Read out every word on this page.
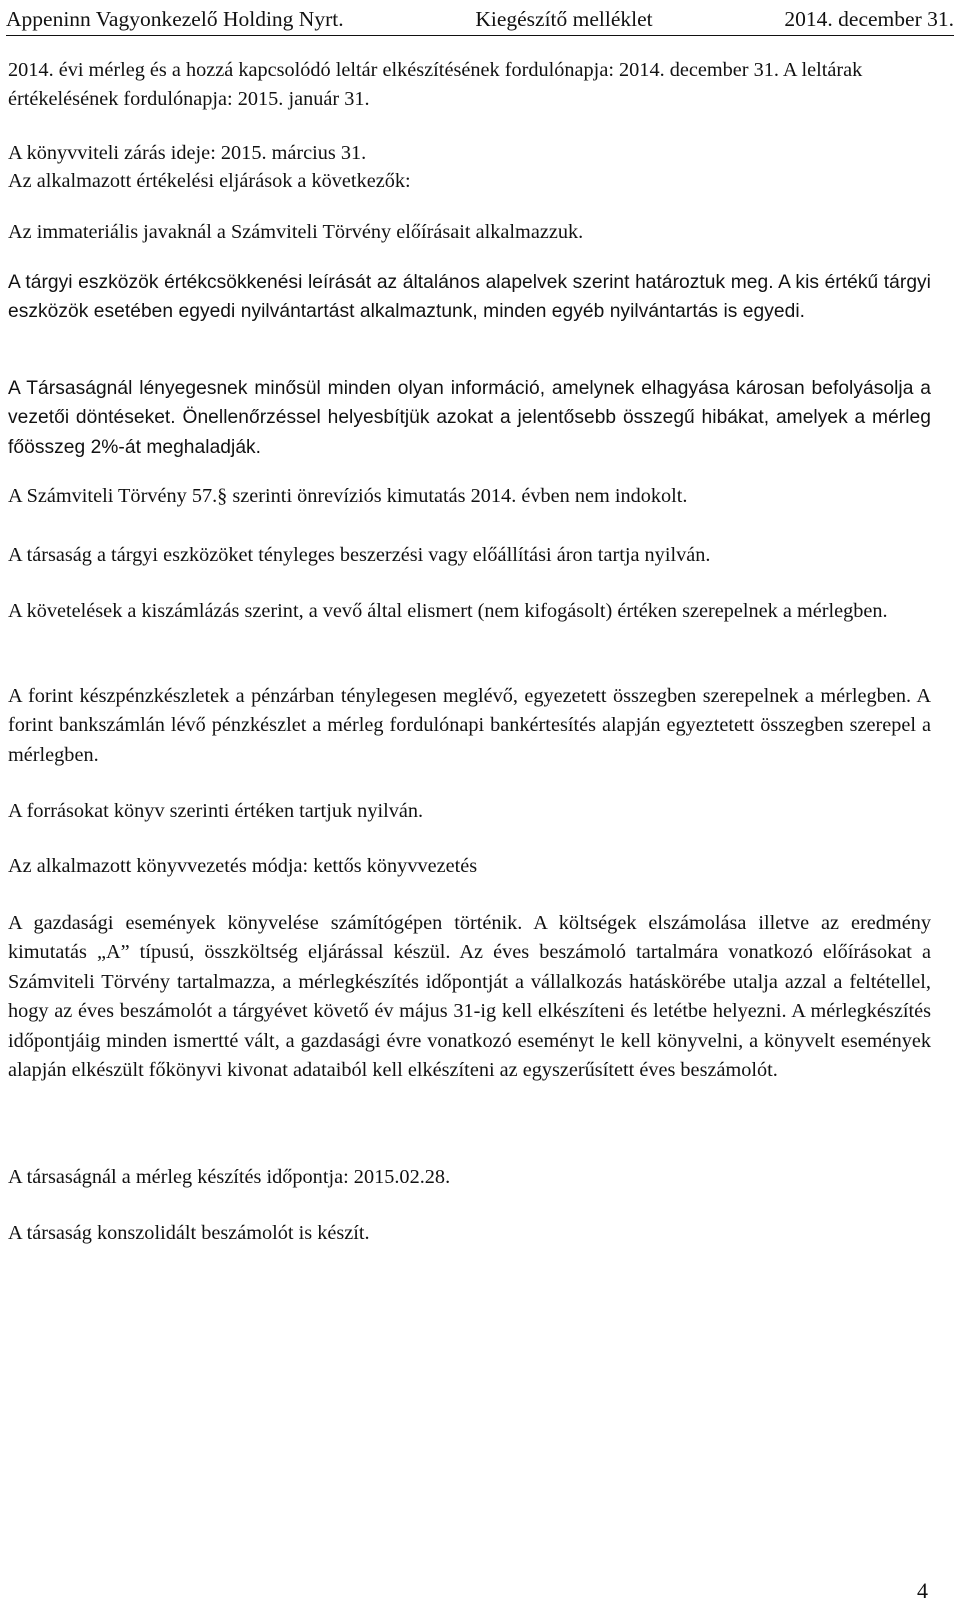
Appeninn Vagyonkezelő Holding Nyrt.	Kiegészítő melléklet	2014. december 31.

2014. évi mérleg és a hozzá kapcsolódó leltár elkészítésének fordulónapja: 2014. december 31. A leltárak értékelésének fordulónapja: 2015. január 31.

A könyvviteli zárás ideje: 2015. március 31.

Az alkalmazott értékelési eljárások a következők:

Az immateriális javaknál a Számviteli Törvény előírásait alkalmazzuk.

A tárgyi eszközök értékcsökkenési leírását az általános alapelvek szerint határoztuk meg. A kis értékű tárgyi eszközök esetében egyedi nyilvántartást alkalmaztunk, minden egyéb nyilvántartás is egyedi.

A Társaságnál lényegesnek minősül minden olyan információ, amelynek elhagyása károsan befolyásolja a vezetői döntéseket. Önellenőrzéssel helyesbítjük azokat a jelentősebb összegű hibákat, amelyek a mérleg főösszeg 2%-át meghaladják.

A Számviteli Törvény 57.§ szerinti önrevíziós kimutatás 2014. évben nem indokolt.

A társaság a tárgyi eszközöket tényleges beszerzési vagy előállítási áron tartja nyilván.

A követelések a kiszámlázás szerint, a vevő által elismert (nem kifogásolt) értéken szerepelnek a mérlegben.

A forint készpénzkészletek a pénzárban ténylegesen meglévő, egyezetett összegben szerepelnek a mérlegben. A forint bankszámlán lévő pénzkészlet a mérleg fordulónapi bankértesítés alapján egyeztetett összegben szerepel a mérlegben.

A forrásokat könyv szerinti értéken tartjuk nyilván.

Az alkalmazott könyvvezetés módja: kettős könyvvezetés

A gazdasági események könyvelése számítógépen történik. A költségek elszámolása illetve az eredmény kimutatás „A” típusú, összköltség eljárással készül. Az éves beszámoló tartalmára vonatkozó előírásokat a Számviteli Törvény tartalmazza, a mérlegkészítés időpontját a vállalkozás hatáskörébe utalja azzal a feltétellel, hogy az éves beszámolót a tárgyévet követő év május 31-ig kell elkészíteni és letétbe helyezni. A mérlegkészítés időpontjáig minden ismertté vált, a gazdasági évre vonatkozó eseményt le kell könyvelni, a könyvelt események alapján elkészült főkönyvi kivonat adataiból kell elkészíteni az egyszerűsített éves beszámolót.

A társaságnál a mérleg készítés időpontja: 2015.02.28.

A társaság konszolidált beszámolót is készít.

4
